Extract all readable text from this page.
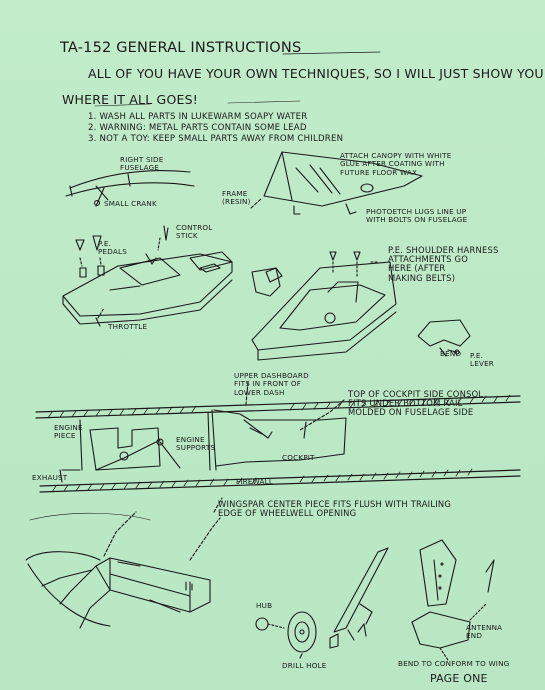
TA-152 GENERAL INSTRUCTIONS
ALL OF YOU HAVE YOUR OWN TECHNIQUES, SO I WILL JUST SHOW YOU
WHERE IT ALL GOES!
1. WASH ALL PARTS IN LUKEWARM SOAPY WATER
2. WARNING: METAL PARTS CONTAIN SOME LEAD
3. NOT A TOY: KEEP SMALL PARTS AWAY FROM CHILDREN
RIGHT SIDE
FUSELAGE
SMALL CRANK
ATTACH CANOPY WITH WHITE
GLUE AFTER COATING WITH
FUTURE FLOOR WAX
FRAME
(RESIN)
PHOTOETCH LUGS LINE UP
WITH BOLTS ON FUSELAGE
P.E.
PEDALS
CONTROL
STICK
THROTTLE
P.E. SHOULDER HARNESS
ATTACHMENTS GO
HERE (AFTER
MAKING BELTS)
BEND P.E.
LEVER
UPPER DASHBOARD
FITS IN FRONT OF
LOWER DASH	TOP OF COCKPIT SIDE CONSOL
FITS UNDER BOTTOM RAIL
MOLDED ON FUSELAGE SIDE
ENGINE
PIECE	ENGINE
SUPPORTS
COCKPIT
EXHAUST	FIREWALL
WINGSPAR CENTER PIECE FITS FLUSH WITH TRAILING
EDGE OF WHEELWELL OPENING
HUB
DRILL HOLE
ANTENNA
END
BEND TO CONFORM TO WING
PAGE ONE
